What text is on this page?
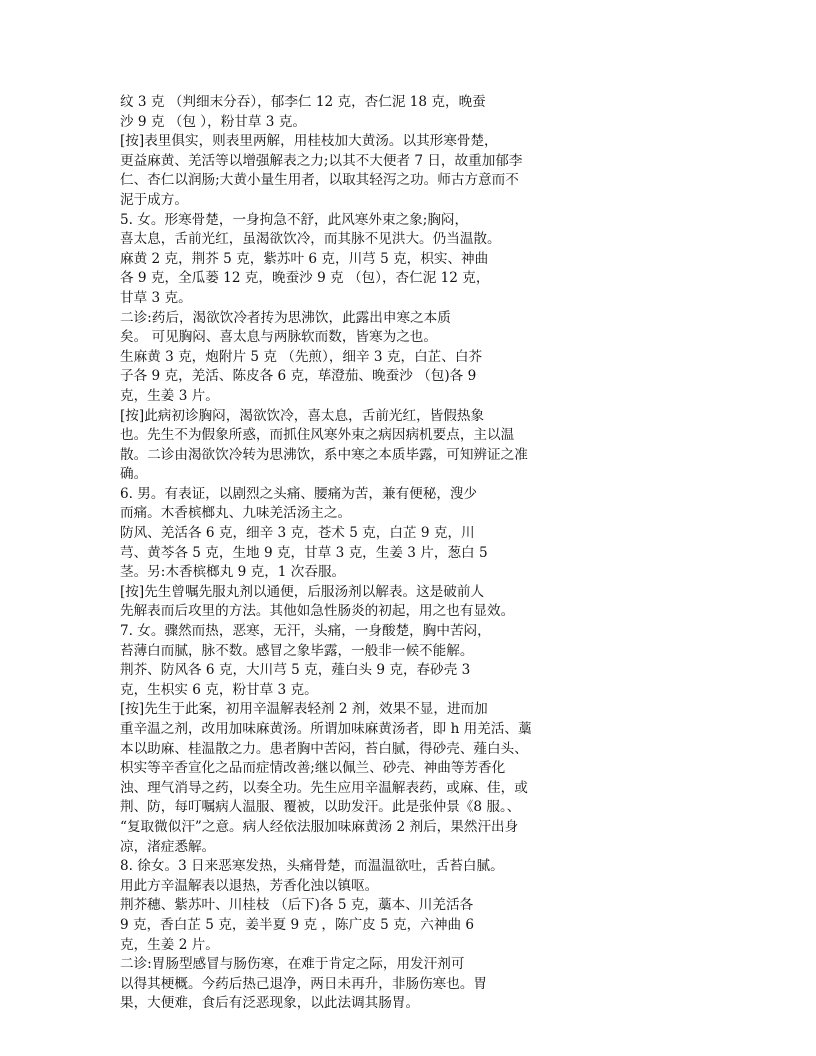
纹 3 克 （判细末分吞），郁李仁 12 克，杏仁泥 18 克，晚蚕
沙 9 克 （包 ），粉甘草 3 克。
[按]表里俱实，则表里两解，用桂枝加大黄汤。以其形寒骨楚，
更益麻黄、羌活等以增强解表之力;以其不大便者 7 日，故重加郁李
仁、杏仁以润肠;大黄小量生用者，以取其轻泻之功。师古方意而不
泥于成方。
5. 女。形寒骨楚，一身拘急不舒，此风寒外束之象;胸闷，
喜太息，舌前光红，虽渴欲饮冷，而其脉不见洪大。仍当温散。
麻黄 2 克，荆芥 5 克，紫苏叶 6 克，川芎 5 克，枳实、神曲
各 9 克，全瓜蒌 12 克，晚蚕沙 9 克 （包），杏仁泥 12 克，
甘草 3 克。
二诊:药后，渴欲饮冷者抟为思沸饮，此露出申寒之本质
矣。 可见胸闷、喜太息与两脉软而数，皆寒为之也。
生麻黄 3 克，炮附片 5 克 （先煎），细辛 3 克，白芷、白芥
子各 9 克，羌活、陈皮各 6 克，荜澄茄、晚蚕沙 （包)各 9
克，生姜 3 片。
[按]此病初诊胸闷，渴欲饮冷，喜太息，舌前光红，皆假热象
也。先生不为假象所惑，而抓住风寒外束之病因病机要点，主以温
散。二诊由渴欲饮冷转为思沸饮，系中寒之本质毕露，可知辨证之准
确。
6. 男。有表证，以剧烈之头痛、腰痛为苦，兼有便秘，溲少
而痛。木香槟榔丸、九味羌活汤主之。
防风、羌活各 6 克，细辛 3 克，苍术 5 克，白芷 9 克，川
芎、黄芩各 5 克，生地 9 克，甘草 3 克，生姜 3 片，葱白 5
茎。另:木香槟榔丸 9 克，1 次吞服。
[按]先生曾嘱先服丸剂以通便，后服汤剂以解表。这是破前人
先解表而后攻里的方法。其他如急性肠炎的初起，用之也有显效。
7. 女。骤然而热，恶寒，无汗，头痛，一身酸楚，胸中苦闷，
苔薄白而腻，脉不数。感冒之象毕露，一般非一候不能解。
荆芥、防风各 6 克，大川芎 5 克，薤白头 9 克，春砂壳 3
克，生枳实 6 克，粉甘草 3 克。
[按]先生于此案，初用辛温解表轻剂 2 剂，效果不显，进而加
重辛温之剂，改用加味麻黄汤。所谓加味麻黄汤者，即 h 用羌活、藁
本以助麻、桂温散之力。患者胸中苦闷，苔白腻，得砂壳、薤白头、
枳实等辛香宣化之品而症情改善;继以佩兰、砂壳、神曲等芳香化
浊、理气消导之药，以奏全功。先生应用辛温解表药，或麻、佳，或
荆、防，每叮嘱病人温服、覆被，以助发汗。此是张仲景《8 服。、
“复取微似汗”之意。病人经依法服加味麻黄汤 2 剂后，果然汗出身
凉，渚症悉解。
8. 徐女。3 日来恶寒发热，头痛骨楚，而温温欲吐，舌苔白腻。
用此方辛温解表以退热，芳香化浊以镇呕。
荆芥穗、紫苏叶、川桂枝 （后下)各 5 克，藁本、川羌活各
9 克，香白芷 5 克，姜半夏 9 克 ，陈广皮 5 克，六神曲 6
克，生姜 2 片。
二诊:胃肠型感冒与肠伤寒，在难于肯定之际，用发汗剂可
以得其梗概。今药后热己退净，两日未再升，非肠伤寒也。胃
果，大便难，食后有泛恶现象，以此法调其肠胃。
